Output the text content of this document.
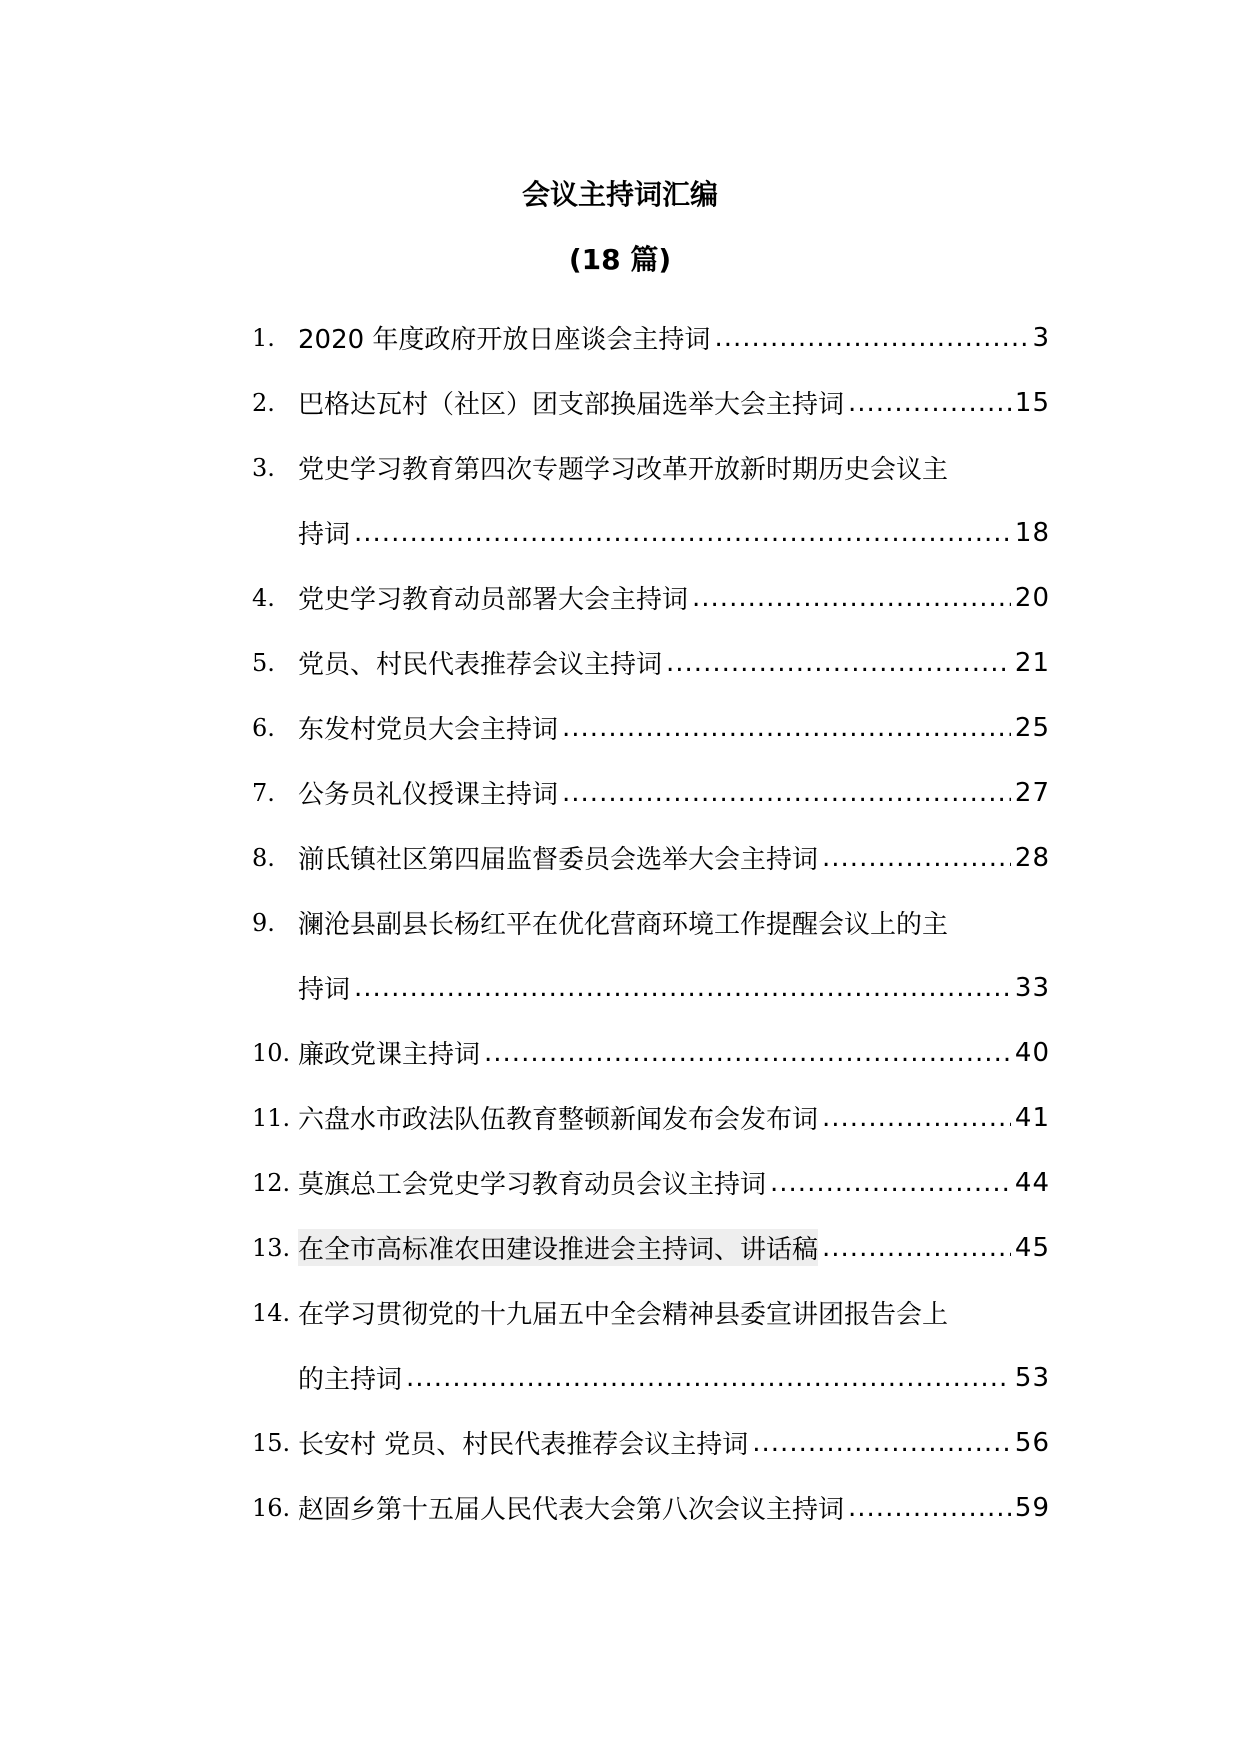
会议主持词汇编
(18 篇)
1. 2020 年度政府开放日座谈会主持词 .....	3
2. 巴格达瓦村（社区）团支部换届选举大会主持词 .....	15
3. 党史学习教育第四次专题学习改革开放新时期历史会议主
持词 .....	18
4. 党史学习教育动员部署大会主持词 .....	20
5. 党员、村民代表推荐会议主持词 .....	21
6. 东发村党员大会主持词 .....	25
7. 公务员礼仪授课主持词 .....	27
8. 湔氐镇社区第四届监督委员会选举大会主持词 .....	28
9. 澜沧县副县长杨红平在优化营商环境工作提醒会议上的主
持词 .....	33
10. 廉政党课主持词 .....	40
11. 六盘水市政法队伍教育整顿新闻发布会发布词 .....	41
12. 莫旗总工会党史学习教育动员会议主持词 .....	44
13. 在全市高标准农田建设推进会主持词、讲话稿 .....	45
14. 在学习贯彻党的十九届五中全会精神县委宣讲团报告会上
的主持词 .....	53
15. 长安村 党员、村民代表推荐会议主持词 .....	56
16. 赵固乡第十五届人民代表大会第八次会议主持词 .....	59
